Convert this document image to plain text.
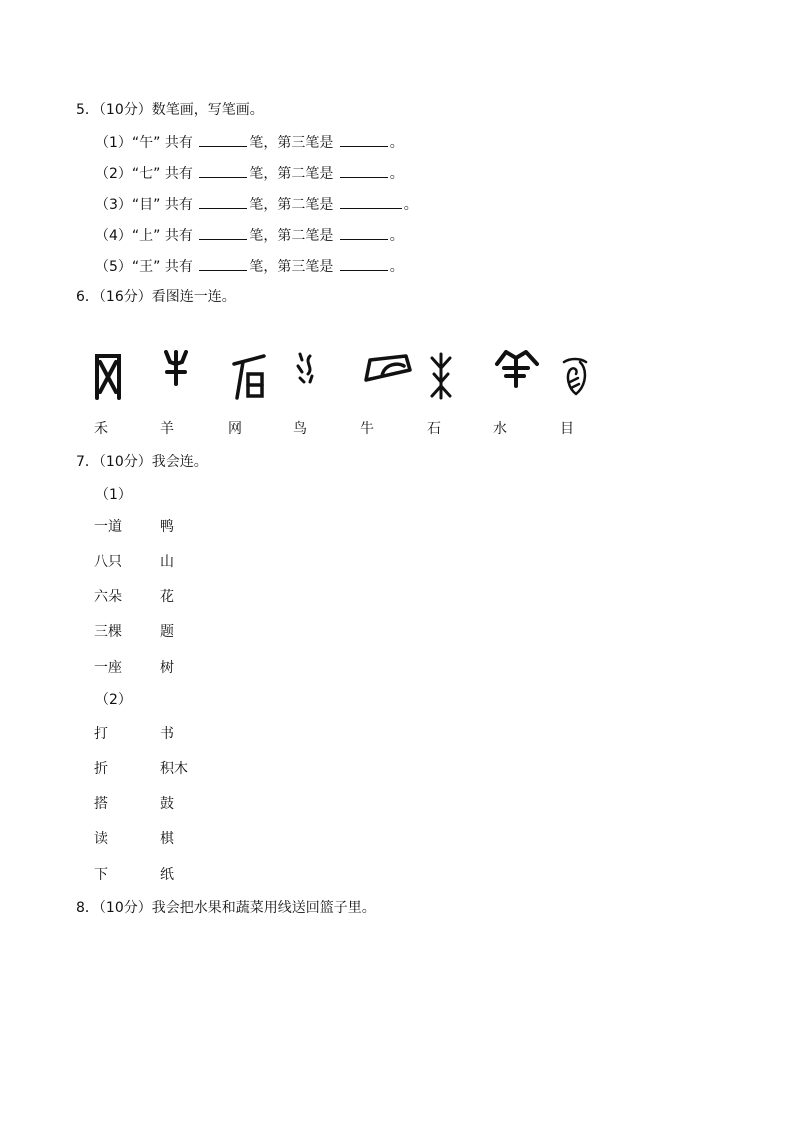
5．（10分）数笔画，写笔画。
（1）“午” 共有	笔，第三笔是	。
（2）“七” 共有	笔，第二笔是	。
（3）“目” 共有	笔，第二笔是	。
（4）“上” 共有	笔，第二笔是	。
（5）“王” 共有	笔，第三笔是	。
6．（16分）看图连一连。
禾	羊	网	鸟	牛	石	水	目
7．（10分）我会连。
（1）
一道	鸭
八只	山
六朵	花
三棵	题
一座	树
（2）
打	书
折	积木
搭	鼓
读	棋
下	纸
8．（10分）我会把水果和蔬菜用线送回篮子里。
